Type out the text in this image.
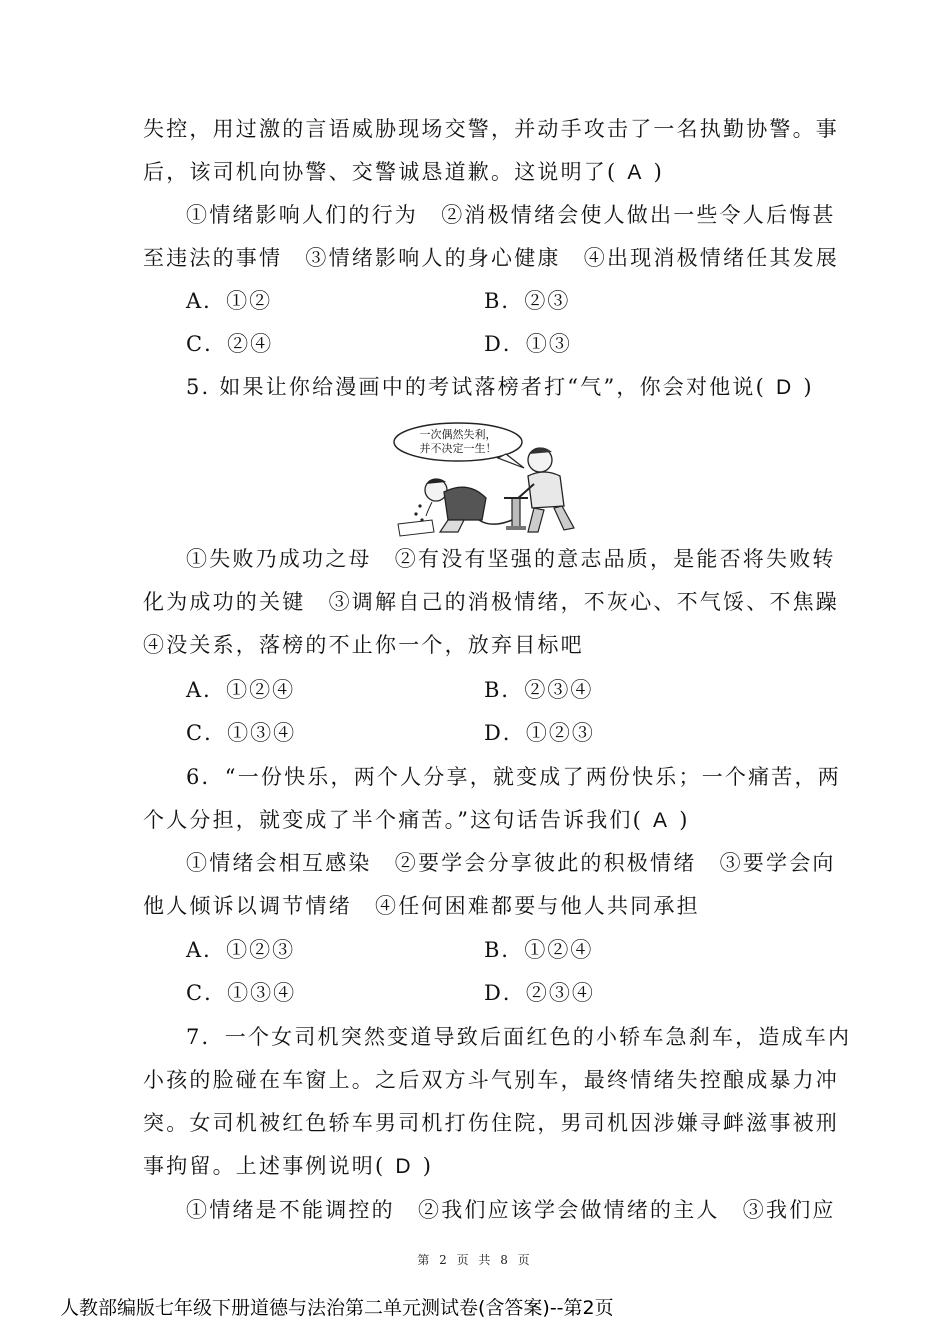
失控，用过激的言语威胁现场交警，并动手攻击了一名执勤协警。事
后，该司机向协警、交警诚恳道歉。这说明了( A )
①情绪影响人们的行为　②消极情绪会使人做出一些令人后悔甚
至违法的事情　③情绪影响人的身心健康　④出现消极情绪任其发展
A．①②	B．②③
C．②④	D．①③
5. 如果让你给漫画中的考试落榜者打“气”，你会对他说( D )
一次偶然失利，
并不决定一生！
①失败乃成功之母　②有没有坚强的意志品质，是能否将失败转
化为成功的关键　③调解自己的消极情绪，不灰心、不气馁、不焦躁
④没关系，落榜的不止你一个，放弃目标吧
A．①②④	B．②③④
C．①③④	D．①②③
6．“一份快乐，两个人分享，就变成了两份快乐；一个痛苦，两
个人分担，就变成了半个痛苦。”这句话告诉我们( A )
①情绪会相互感染　②要学会分享彼此的积极情绪　③要学会向
他人倾诉以调节情绪　④任何困难都要与他人共同承担
A．①②③	B．①②④
C．①③④	D．②③④
7．一个女司机突然变道导致后面红色的小轿车急刹车，造成车内
小孩的脸碰在车窗上。之后双方斗气别车，最终情绪失控酿成暴力冲
突。女司机被红色轿车男司机打伤住院，男司机因涉嫌寻衅滋事被刑
事拘留。上述事例说明( D )
①情绪是不能调控的　②我们应该学会做情绪的主人　③我们应
第 2 页 共 8 页
人教部编版七年级下册道德与法治第二单元测试卷(含答案)--第2页
